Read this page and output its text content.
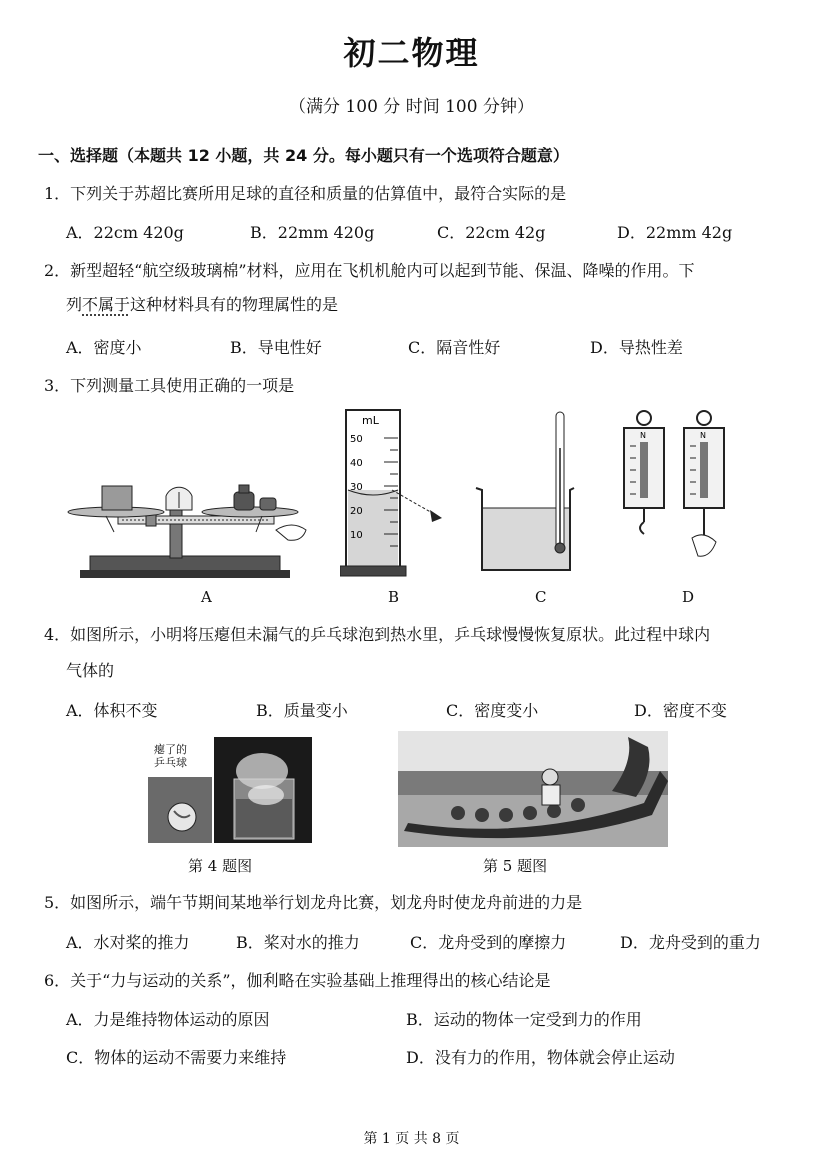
初二物理
（满分 100 分 时间 100 分钟）
一、选择题（本题共 12 小题，共 24 分。每小题只有一个选项符合题意）
1．下列关于苏超比赛所用足球的直径和质量的估算值中，最符合实际的是
A．22cm 420g	B．22mm 420g	C．22cm 42g	D．22mm 42g
2．新型超轻“航空级玻璃棉”材料，应用在飞机机舱内可以起到节能、保温、降噪的作用。下
列不属于这种材料具有的物理属性的是
A．密度小	B．导电性好	C．隔音性好	D．导热性差
3．下列测量工具使用正确的一项是
mL
50
40
30
20
10
N	N
A	B	C	D
4．如图所示，小明将压瘪但未漏气的乒乓球泡到热水里，乒乓球慢慢恢复原状。此过程中球内
气体的
A．体积不变	B．质量变小	C．密度变小	D．密度不变
瘪了的
乒乓球
第 4 题图	第 5 题图
5．如图所示，端午节期间某地举行划龙舟比赛，划龙舟时使龙舟前进的力是
A．水对桨的推力	B．桨对水的推力	C．龙舟受到的摩擦力	D．龙舟受到的重力
6．关于“力与运动的关系”，伽利略在实验基础上推理得出的核心结论是
A．力是维持物体运动的原因	B．运动的物体一定受到力的作用
C．物体的运动不需要力来维持	D．没有力的作用，物体就会停止运动
第 1 页 共 8 页
